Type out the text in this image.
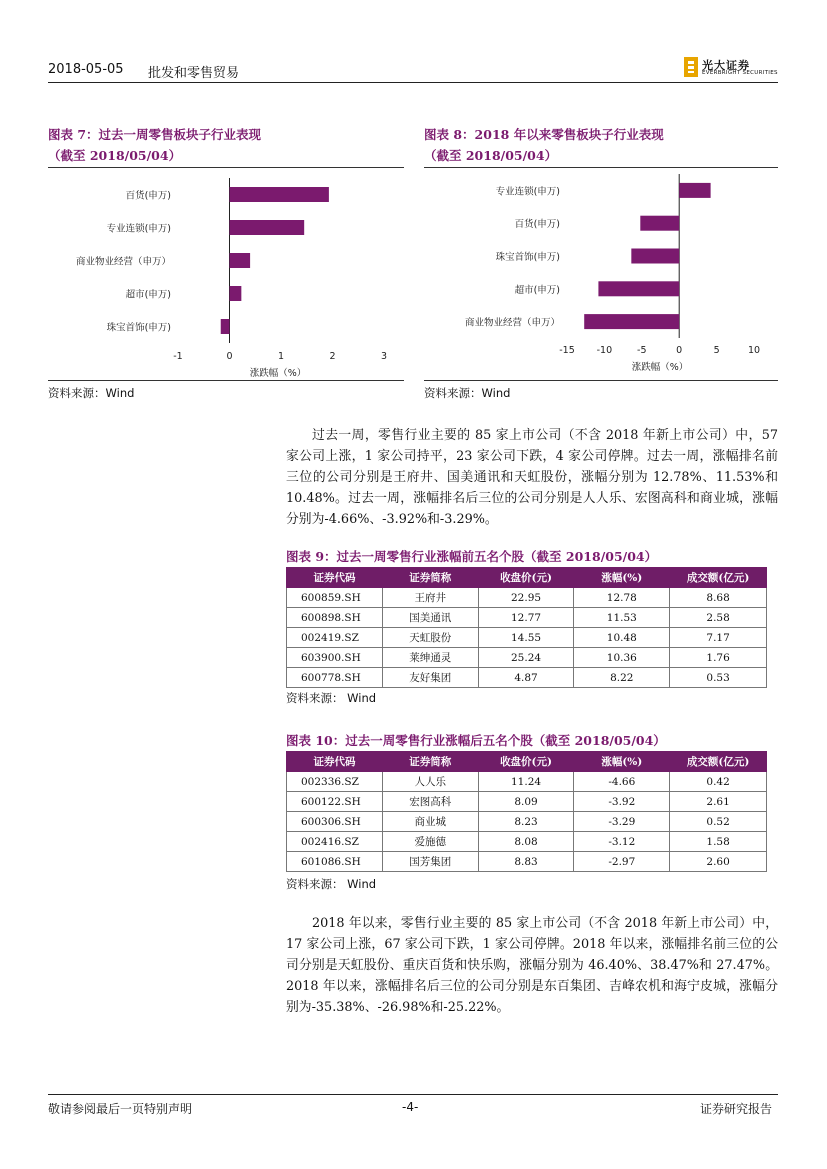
2018-05-05 批发和零售贸易
光大证券
EVERBRIGHT SECURITIES
图表 7：过去一周零售板块子行业表现
（截至 2018/05/04）
百货(申万)
专业连锁(申万)
商业物业经营（申万）
超市(申万)
珠宝首饰(申万)
-1	0	1	2	3
涨跌幅（%）
资料来源：Wind
图表 8：2018 年以来零售板块子行业表现
（截至 2018/05/04）
专业连锁(申万)
百货(申万)
珠宝首饰(申万)
超市(申万)
商业物业经营（申万）
-15 -10	-5	0	5	10
涨跌幅（%）
资料来源：Wind

过去一周，零售行业主要的 85 家上市公司（不含 2018 年新上市公司）中，57 家公司上涨，1 家公司持平，23 家公司下跌，4 家公司停牌。过去一周，涨幅排名前三位的公司分别是王府井、国美通讯和天虹股份，涨幅分别为 12.78%、11.53%和 10.48%。过去一周，涨幅排名后三位的公司分别是人人乐、宏图高科和商业城，涨幅分别为-4.66%、-3.92%和-3.29%。

图表 9：过去一周零售行业涨幅前五名个股（截至 2018/05/04）
证券代码	证券简称	收盘价(元)	涨幅(%)	成交额(亿元)
600859.SH	王府井	22.95	12.78	8.68
600898.SH	国美通讯	12.77	11.53	2.58
002419.SZ	天虹股份	14.55	10.48	7.17
603900.SH	莱绅通灵	25.24	10.36	1.76
600778.SH	友好集团	4.87	8.22	0.53
资料来源： Wind
图表 10：过去一周零售行业涨幅后五名个股（截至 2018/05/04）
证券代码	证券简称	收盘价(元)	涨幅(%)	成交额(亿元)
002336.SZ	人人乐	11.24	-4.66	0.42
600122.SH	宏图高科	8.09	-3.92	2.61
600306.SH	商业城	8.23	-3.29	0.52
002416.SZ	爱施德	8.08	-3.12	1.58
601086.SH	国芳集团	8.83	-2.97	2.60
资料来源： Wind

2018 年以来，零售行业主要的 85 家上市公司（不含 2018 年新上市公司）中，17 家公司上涨，67 家公司下跌，1 家公司停牌。2018 年以来，涨幅排名前三位的公司分别是天虹股份、重庆百货和快乐购，涨幅分别为 46.40%、38.47%和 27.47%。2018 年以来，涨幅排名后三位的公司分别是东百集团、吉峰农机和海宁皮城，涨幅分别为-35.38%、-26.98%和-25.22%。

敬请参阅最后一页特别声明	-4-	证券研究报告
